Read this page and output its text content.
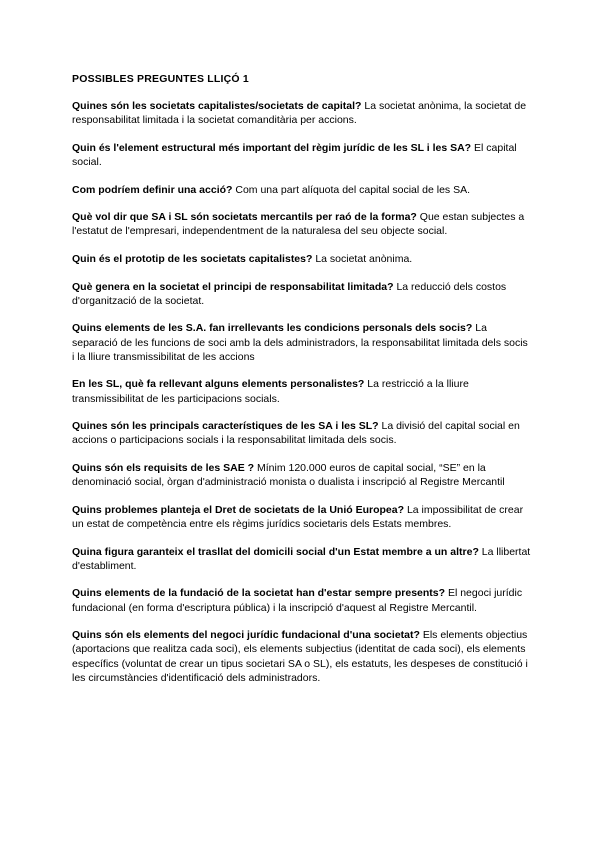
POSSIBLES PREGUNTES LLIÇÓ 1

Quines són les societats capitalistes/societats de capital? La societat anònima, la societat de responsabilitat limitada i la societat comanditària per accions.

Quin és l'element estructural més important del règim jurídic de les SL i les SA? El capital social.

Com podríem definir una acció? Com una part alíquota del capital social de les SA.

Què vol dir que SA i SL són societats mercantils per raó de la forma? Que estan subjectes a l'estatut de l'empresari, independentment de la naturalesa del seu objecte social.

Quin és el prototip de les societats capitalistes? La societat anònima.

Què genera en la societat el principi de responsabilitat limitada? La reducció dels costos d'organització de la societat.

Quins elements de les S.A. fan irrellevants les condicions personals dels socis? La separació de les funcions de soci amb la dels administradors, la responsabilitat limitada dels socis i la lliure transmissibilitat de les accions

En les SL, què fa rellevant alguns elements personalistes? La restricció a la lliure transmissibilitat de les participacions socials.

Quines són les principals característiques de les SA i les SL? La divisió del capital social en accions o participacions socials i la responsabilitat limitada dels socis.

Quins són els requisits de les SAE ? Mínim 120.000 euros de capital social, “SE” en la denominació social, òrgan d'administració monista o dualista i inscripció al Registre Mercantil

Quins problemes planteja el Dret de societats de la Unió Europea? La impossibilitat de crear un estat de competència entre els règims jurídics societaris dels Estats membres.

Quina figura garanteix el trasllat del domicili social d'un Estat membre a un altre? La llibertat d'establiment.

Quins elements de la fundació de la societat han d'estar sempre presents? El negoci jurídic fundacional (en forma d'escriptura pública) i la inscripció d'aquest al Registre Mercantil.

Quins són els elements del negoci jurídic fundacional d'una societat? Els elements objectius (aportacions que realitza cada soci), els elements subjectius (identitat de cada soci), els elements específics (voluntat de crear un tipus societari SA o SL), els estatuts, les despeses de constitució i les circumstàncies d'identificació dels administradors.
